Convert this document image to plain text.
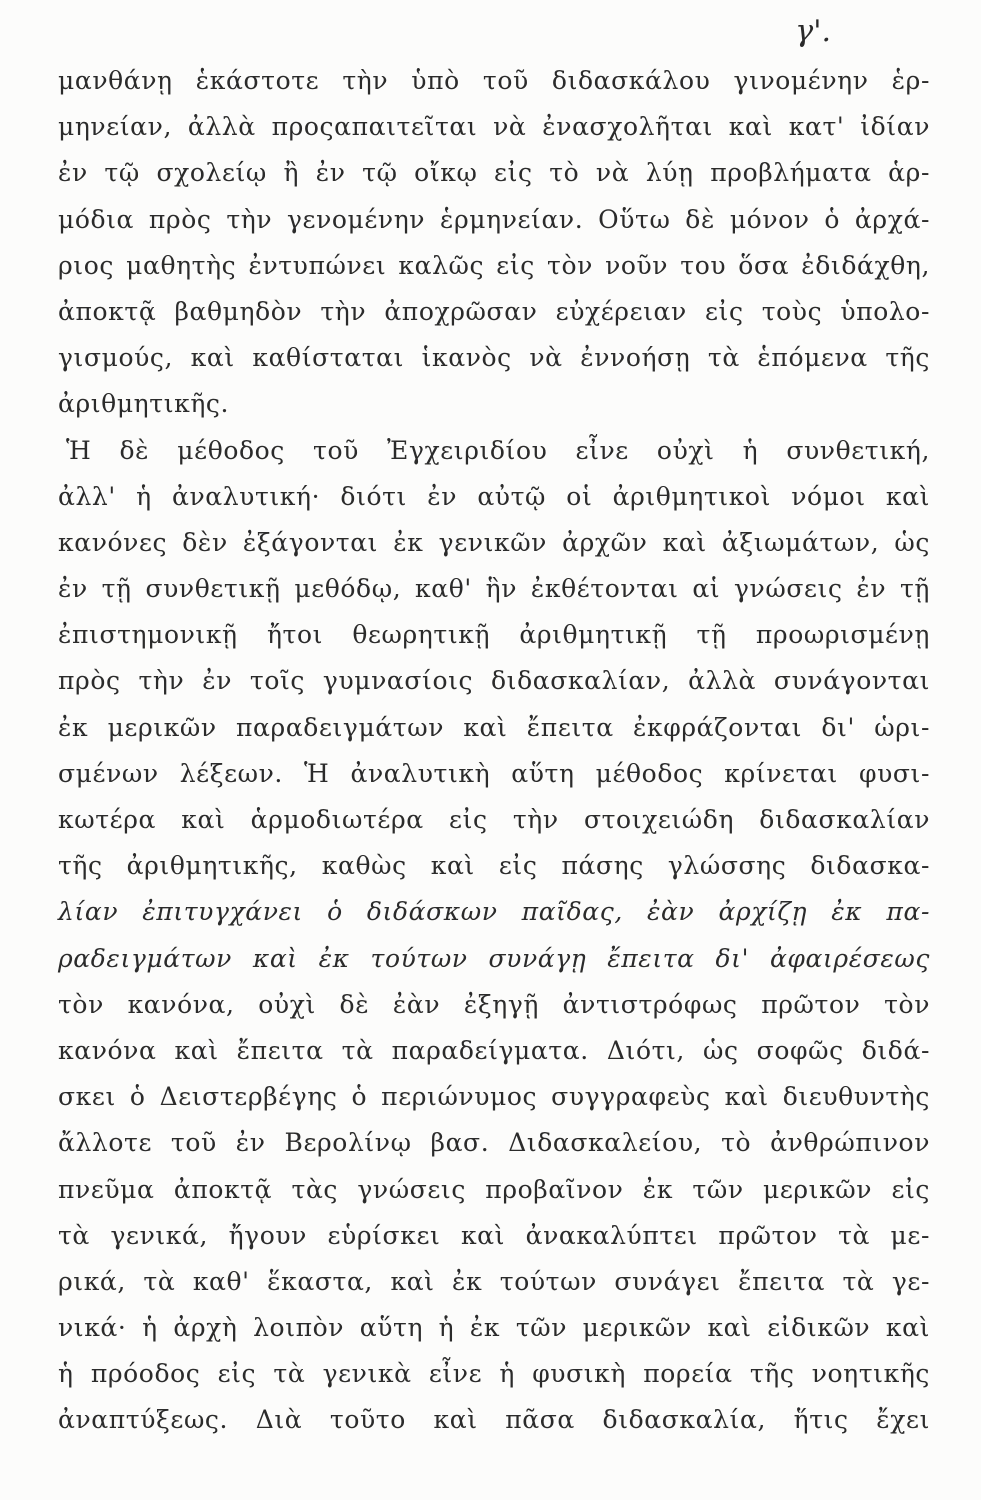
γ'.
μανθάνῃ ἑκάστοτε τὴν ὑπὸ τοῦ διδασκάλου γινομένην ἑρ-
μηνείαν, ἀλλὰ προςαπαιτεῖται νὰ ἐνασχολῆται καὶ κατ' ἰδίαν
ἐν τῷ σχολείῳ ἢ ἐν τῷ οἴκῳ εἰς τὸ νὰ λύῃ προβλήματα ἁρ-
μόδια πρὸς τὴν γενομένην ἑρμηνείαν. Οὕτω δὲ μόνον ὁ ἀρχά-
ριος μαθητὴς ἐντυπώνει καλῶς εἰς τὸν νοῦν του ὅσα ἐδιδάχθη,
ἀποκτᾷ βαθμηδὸν τὴν ἀποχρῶσαν εὐχέρειαν εἰς τοὺς ὑπολο-
γισμούς, καὶ καθίσταται ἱκανὸς νὰ ἐννοήσῃ τὰ ἑπόμενα τῆς
ἀριθμητικῆς.
Ἡ δὲ μέθοδος τοῦ Ἐγχειριδίου εἶνε οὐχὶ ἡ συνθετική,
ἀλλ' ἡ ἀναλυτική· διότι ἐν αὐτῷ οἱ ἀριθμητικοὶ νόμοι καὶ
κανόνες δὲν ἐξάγονται ἐκ γενικῶν ἀρχῶν καὶ ἀξιωμάτων, ὡς
ἐν τῇ συνθετικῇ μεθόδῳ, καθ' ἣν ἐκθέτονται αἱ γνώσεις ἐν τῇ
ἐπιστημονικῇ ἤτοι θεωρητικῇ ἀριθμητικῇ τῇ προωρισμένῃ
πρὸς τὴν ἐν τοῖς γυμνασίοις διδασκαλίαν, ἀλλὰ συνάγονται
ἐκ μερικῶν παραδειγμάτων καὶ ἔπειτα ἐκφράζονται δι' ὡρι-
σμένων λέξεων. Ἡ ἀναλυτικὴ αὕτη μέθοδος κρίνεται φυσι-
κωτέρα καὶ ἁρμοδιωτέρα εἰς τὴν στοιχειώδη διδασκαλίαν
τῆς ἀριθμητικῆς, καθὼς καὶ εἰς πάσης γλώσσης διδασκα-
λίαν ἐπιτυγχάνει ὁ διδάσκων παῖδας, ἐὰν ἀρχίζῃ ἐκ πα-
ραδειγμάτων καὶ ἐκ τούτων συνάγῃ ἔπειτα δι' ἀφαιρέσεως
τὸν κανόνα, οὐχὶ δὲ ἐὰν ἐξηγῇ ἀντιστρόφως πρῶτον τὸν
κανόνα καὶ ἔπειτα τὰ παραδείγματα. Διότι, ὡς σοφῶς διδά-
σκει ὁ Δειστερβέγης ὁ περιώνυμος συγγραφεὺς καὶ διευθυντὴς
ἄλλοτε τοῦ ἐν Βερολίνῳ βασ. Διδασκαλείου, τὸ ἀνθρώπινον
πνεῦμα ἀποκτᾷ τὰς γνώσεις προβαῖνον ἐκ τῶν μερικῶν εἰς
τὰ γενικά, ἤγουν εὑρίσκει καὶ ἀνακαλύπτει πρῶτον τὰ με-
ρικά, τὰ καθ' ἕκαστα, καὶ ἐκ τούτων συνάγει ἔπειτα τὰ γε-
νικά· ἡ ἀρχὴ λοιπὸν αὕτη ἡ ἐκ τῶν μερικῶν καὶ εἰδικῶν καὶ
ἡ πρόοδος εἰς τὰ γενικὰ εἶνε ἡ φυσικὴ πορεία τῆς νοητικῆς
ἀναπτύξεως. Διὰ τοῦτο καὶ πᾶσα διδασκαλία, ἥτις ἔχει
